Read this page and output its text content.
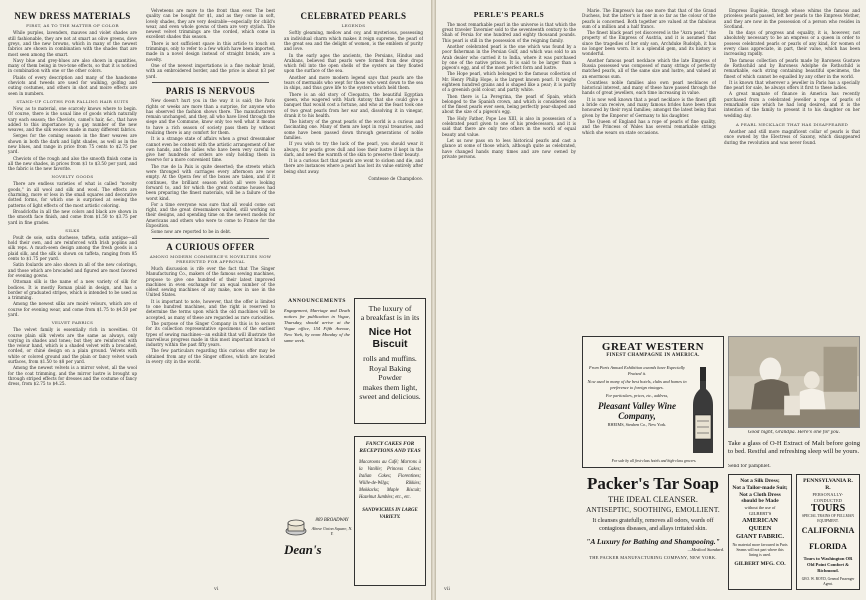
NEW DRESS MATERIALS
FIRST, AS TO THE MATTER OF COLOR

While purples, lavenders, mauves and violet shades are still fashionable, they are not at smart as olive greens, dove greys, and the new browns, which in many of the newest fabrics are shown in combination with the shades that are most seen among the smart.

Navy blue and grey-blues are also shown in quantities, many of them being in two-tone effects, so that it is noticed in combination with one or the other colors.

Plaids of every description and many of the handsome cheviots and tweeds are used for walking, golfing and outing costumes, and others in shot and moire effects are seen in numbers.

STAND-UP CLOTHS FOR FALLING HAIR SUITS

Now, as to material, one scarcely knows where to begin. Of course, there is the usual line of goods which naturally vary each season; the Cheviots, camel's hair, &c., that have added to this importance by a gay number of the new weaves, and the silk weaves made in many different fabrics.

Serges for the coming season in the finer weaves are shown in both the dark and light shades, as well as in the new blues, and range in price from 75 cents to $2.75 per yard.

Cheviots of the rough and also the smooth finish come in all the new shades, in prices from $1 to $3.50 per yard, and the fabric is the new favorite.

NOVELTY GOODS

There are endless varieties of what is called "novelty goods," in all wool and silk and wool. The effects are charming, more or less in the small squares and decorative dotted forms, for which one is surprised at seeing the patterns of light effects of the most artistic coloring.

Broadcloths in all the new colors and black are shown in the smooth face finish, and come from $1.50 to $3.75 per yard in fine grades.

SILKS

Poult de soie, satin duchesse, taffeta, satin antique—all hold their own, and are reinforced with Irish poplins and silk reps. A much-seen design among the fresh goods is a plaid silk, and the silk is shown on taffeta, ranging from 85 cents to $1.75 per yard.

Satin foulards are also shown in all of the new colorings, and those which are brocaded and figured are most favored for evening gowns.

Ottoman silk is the name of a new variety of silk for bodices. It is mostly Roman plaid in design, and has a border of graduated stripes, which is intended to be used as a trimming.

Among the newest silks are moiré velours, which are of course for evening wear, and come from $1.75 to $4.50 per yard.

VELVET FABRICS

The velvet family is essentially rich in novelties. Of course plain silk velvets are the same as always, only varying in shades and tones; but they are reinforced with the velour hand, which is a shaded velvet with a brocaded, corded, or chiné design on a plain ground. Velvets with white or colored ground and the plain or fancy velvet wash surfaces, from $1.50 to $8 per yard.

Among the newest velvets is a mirror velvet, all the wool for the coat trimming, and the mirror lustre is brought up through striped effects for dresses and the costume of fancy dress, from $2.75 to $4.25.

Velveteens are more to the front than ever. The best quality can be bought for $1, and as they come in soft, lovely shades, they are very desirable—especially for child's wear, and even whole gowns of them are very stylish. The newest velvet trimmings are the corded, which come in excellent shades this season.

There is not sufficient space in this article to touch on trimmings, only to refer to a few which have been imported, made in a novel design instead of straight braids, are a novelty.

One of the newest importations is a fine mohair braid, with an embroidered border, and the price is about $3 per yard.

PARIS IS NERVOUS

New doesn't hurt you in the way it is said; the Paris rights or weeks are more than a surprise, for anyone who has observed the fashion shows there. The manufacturers remain unchanged, and they, all who have lived through the siege and the Commune, know only too well what it means to have a rich season of society pass them by without realizing there is any comfort for them.

It is a strange state of affairs when a great dressmaker cannot even be content with the artistic arrangement of her own hands, and the ladies who have been very careful to give her hundreds of orders are only holding them in reserve for a more convenient time.

The rue de la Paix is quite deserted; the streets which were thronged with carriages every afternoon are now empty. At the Opera few of the boxes are taken, and if it continues, the brilliant season which all were looking forward to, and for which the great costume houses had been preparing the finest materials, will be a failure of the worst kind.

For a time everyone was sure that all would come out right, and the great dressmakers waited, still working on their designs, and spending time on the newest models for Americans and others who were to come to France for the Exposition.

Some now are reported to be in debt.

A CURIOUS OFFER
AMONG MODERN COMMERCE'S NOVELTIES NOW PRESENTED FOR APPROVAL

Much discussion is rife over the fact that The Singer Manufacturing Co., makers of the famous sewing machines, propose to give one hundred of their latest improved machines in even exchange for an equal number of the oldest sewing machines of any make, now in use in the United States.

It is important to note, however, that the offer is limited to one hundred machines, and the right is reserved to determine the terms upon which the old machines will be accepted, as many of these are regarded as rare curiosities.

The purpose of the Singer Company in this is to secure for its collection representative specimens of the earliest types of sewing machines—an exhibit that will illustrate the marvellous progress made in this most important branch of industry within the past fifty years.

The few particulars regarding this curious offer may be obtained from any of the Singer offices, which are located in every city in the world.

CELEBRATED PEARLS
LEGENDS

Softly gleaming, mellow and coy, and mysterious, possessing an individual charm which makes it reign supreme, the pearl of the great sea and the delight of women, is the emblem of purity and love.

In the early ages the ancients, the Persians, Hindus and Arabians, believed that pearls were formed from dew drops which fell into the open shells of the oysters as they floated upon the surface of the sea.

Another and more modern legend says that pearls are the tears of mermaids who wept for those who went down to the sea in ships, and thus gave life to the oysters which held them.

There is an old story of Cleopatra, the beautiful Egyptian queen, who wagered with Mark Antony that she could give a banquet that would cost a fortune, and who at the feast took one of two great pearls from her ear and, dissolving it in vinegar, drank it to his health.

The history of the great pearls of the world is a curious and fascinating one. Many of them are kept in royal treasuries, and some have been passed down through generations of noble families.

If you wish to try the luck of the pearl, you should wear it always, for pearls grow dull and lose their lustre if kept in the dark, and need the warmth of the skin to preserve their beauty.

It is a curious fact that pearls are wont to sicken and die, and there are instances where a pearl has lost its value entirely after being shut away.

Comtesse de Champdoce.
ANNOUNCEMENTS
Engagement, Marriage and Death notices for publication in Vogue, Thursday, should arrive at the Vogue office, 154 Fifth Avenue, New York, by noon Monday of the same week.
The luxury of
a breakfast is in its
Nice Hot Biscuit
rolls and muffins.
Royal Baking Powder
makes them light,
sweet and delicious.
Dean's
869 BROADWAY
Above Union Square, N. Y.
FANCY CAKES FOR RECEPTIONS AND TEAS
Macaroons au Café; Marrons à la Vanille; Princess Cakes; Italian Cakes; Florentines; Wiille-de-Wilgs; Rikkies; Mokkacks; Maple Biscuit; Hazelnut Jumbles; etc., etc.
SANDWICHES IN LARGE VARIETY.
vi
PERLE'S PEARLS

The most remarkable pearl in the universe is that which the great traveler Tavernier sold to the seventeenth century to the Shah of Persia for one hundred and eighty thousand pounds. This pearl is still in the possession of the reigning family.

Another celebrated pearl is the one which was found by a poor fisherman in the Persian Gulf, and which was sold to an Arab dealer who carried it to India, where it was purchased by one of the native princes. It is said to be larger than a pigeon's egg, and of the most perfect form and lustre.

The Hope pearl, which belonged to the famous collection of Mr. Henry Philip Hope, is the largest known pearl. It weighs eighteen hundred grains and is shaped like a pear; it is partly of a greenish gold colour, and partly white.

Then there is La Peregrina, the pearl of Spain, which belonged to the Spanish crown, and which is considered one of the finest pearls ever seen, being perfectly pear-shaped and about the size of a pigeon's egg.

The Holy Father, Pope Leo XIII, is also in possession of a celebrated pearl given to one of his predecessors, and it is said that there are only two others in the world of equal beauty and value.

Let us now pass on to less historical pearls and cast a glance at some of those which, although quite as celebrated, have changed hands many times and are now owned by private persons.

Marie. The Empress's has one more that that of the Grand Duchess, but the latter's is finer in so far as the colour of the pearls is concerned. Both together are valued at the fabulous sum of a million and a half francs.

The finest black pearl yet discovered is the "Azra pearl," the property of the Empress of Austria, and it is assumed that since the tragedies of her only son, Archduke Rudolph, it has no longer been worn. It is a splendid gem, and its history is wonderful.

Another famous pearl necklace which the late Empress of Russia possessed was composed of many strings of perfectly matched pearls, all of the same size and lustre, and valued at an enormous sum.

Countless noble families also own pearl necklaces of historical interest, and many of these have passed through the hands of great jewellers, each time increasing in value.

It is now well known that a pearl necklace is the finest gift a bride can receive, and many famous brides have been thus honoured by their royal families; amongst the latest being that given by the Emperor of Germany to his daughter.

The Queen of England has a rope of pearls of fine quality, and the Princess of Wales has several remarkable strings which she wears on state occasions.

Empress Eugénie, through whose whims the famous and priceless pearls passed, left her pearls to the Empress Mother, and they are now in the possession of a person who resides in Scotland.

In the days of progress and equality, it is, however, not absolutely necessary to be an empress or a queen in order to possess celebrated pearls or pearls of any kind, for women of every class appreciate, in part, their value, which has been increasing rapidly.

The famous collection of pearls made by Baroness Gustave de Rothschild and by Baroness Adolphe de Rothschild is remarkable, each string containing beautiful specimens, the finest of which cannot be equalled by any other in the world.

It is known that wherever a jeweller in Paris has a specially fine pearl for sale, he always offers it first to these ladies.

A great magnate of finance in America has recently purchased from a celebrated jeweller a rope of pearls of remarkable size which he had long desired, and it is the intention of the family to present it to his daughter on her wedding day.

A PEARL NECKLACE THAT HAS DISAPPEARED

Another and still more magnificent collar of pearls is that once owned by the Electress of Saxony, which disappeared during the revolution and was never found.

GREAT WESTERN
FINEST CHAMPAGNE IN AMERICA.
From Paris Annual Exhibition awards have Especially Praised it.
Now used in many of the best hotels, clubs and homes in preference to foreign vintages.
For particulars, prices, etc., address,
Pleasant Valley Wine Company,
RHEIMS, Steuben Co., New York.
For sale by all first-class hotels and high-class grocers.
Packer's Tar Soap
THE IDEAL CLEANSER.
ANTISEPTIC, SOOTHING, EMOLLIENT.
It cleanses gratefully, removes all odors, wards off contagious diseases, and allays irritated skin.
"A Luxury for Bathing and Shampooing."
—Medical Standard.
THE PACKER MANUFACTURING COMPANY, NEW YORK.
Good night, Grandpa. Here's one for you.
Take a glass of O-H Extract of Malt before going to bed. Restful and refreshing sleep will be yours.
Send for pamphlet.
Not a Silk Dress;
Not a Tailor-made Suit;
Not a Cloth Dress should be Made
without the use of
GILBERT'S
AMERICAN QUEEN
GIANT FABRIC.
No material more favoured in Paris
Seams will not part where this lining is used.
GILBERT MFG. CO.
PENNSYLVANIA R. R.
PERSONALLY- CONDUCTED
TOURS
SPECIAL TRAINS OF PULLMAN EQUIPMENT.
CALIFORNIA
FLORIDA
Tours to Washington OR Old Point Comfort & Richmond.
GEO. W. BOYD, General Passenger Agent.
vii
